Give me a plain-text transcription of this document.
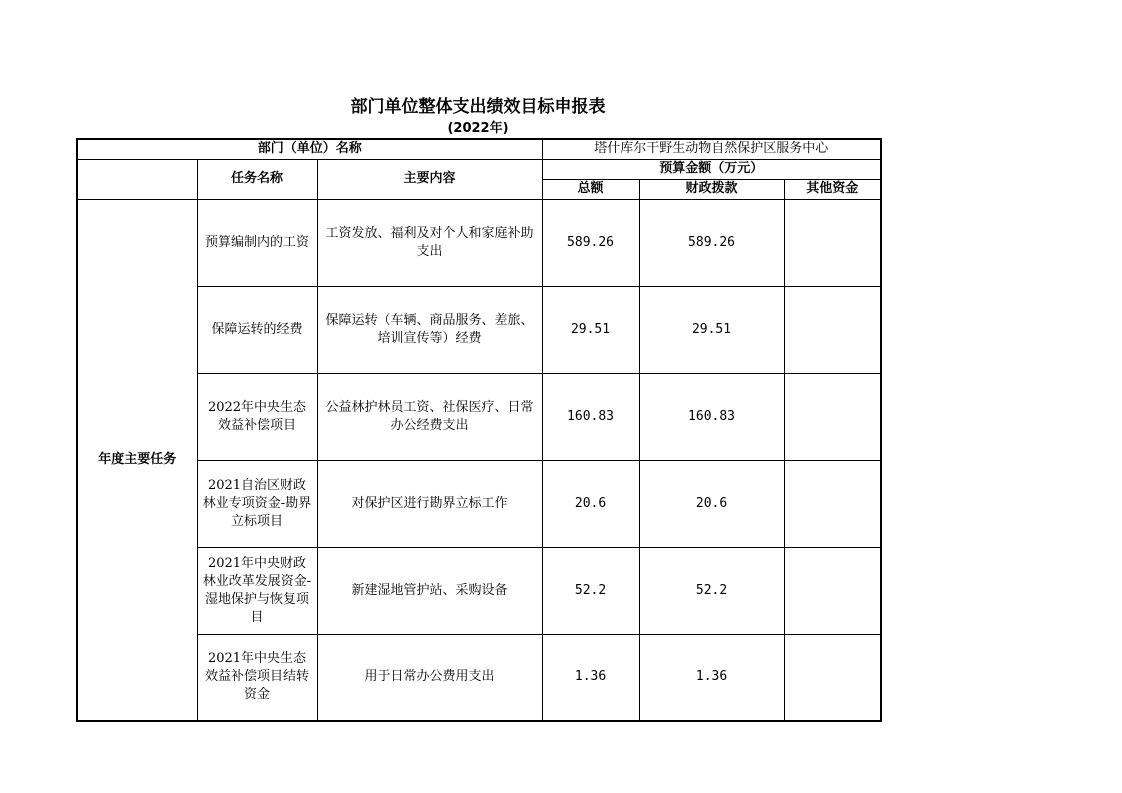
部门单位整体支出绩效目标申报表
(2022年)
部门（单位）名称			塔什库尔干野生动物自然保护区服务中心		
	任务名称	主要内容	预算金额（万元）		
			总额	财政拨款	其他资金
年度主要任务	预算编制内的工资	工资发放、福利及对个人和家庭补助支出	589.26	589.26	
	保障运转的经费	保障运转（车辆、商品服务、差旅、培训宣传等）经费	29.51	29.51	
	2022年中央生态效益补偿项目	公益林护林员工资、社保医疗、日常办公经费支出	160.83	160.83	
	2021自治区财政林业专项资金-勘界立标项目	对保护区进行勘界立标工作	20.6	20.6	
	2021年中央财政林业改革发展资金-湿地保护与恢复项目	新建湿地管护站、采购设备	52.2	52.2	
	2021年中央生态效益补偿项目结转资金	用于日常办公费用支出	1.36	1.36	
